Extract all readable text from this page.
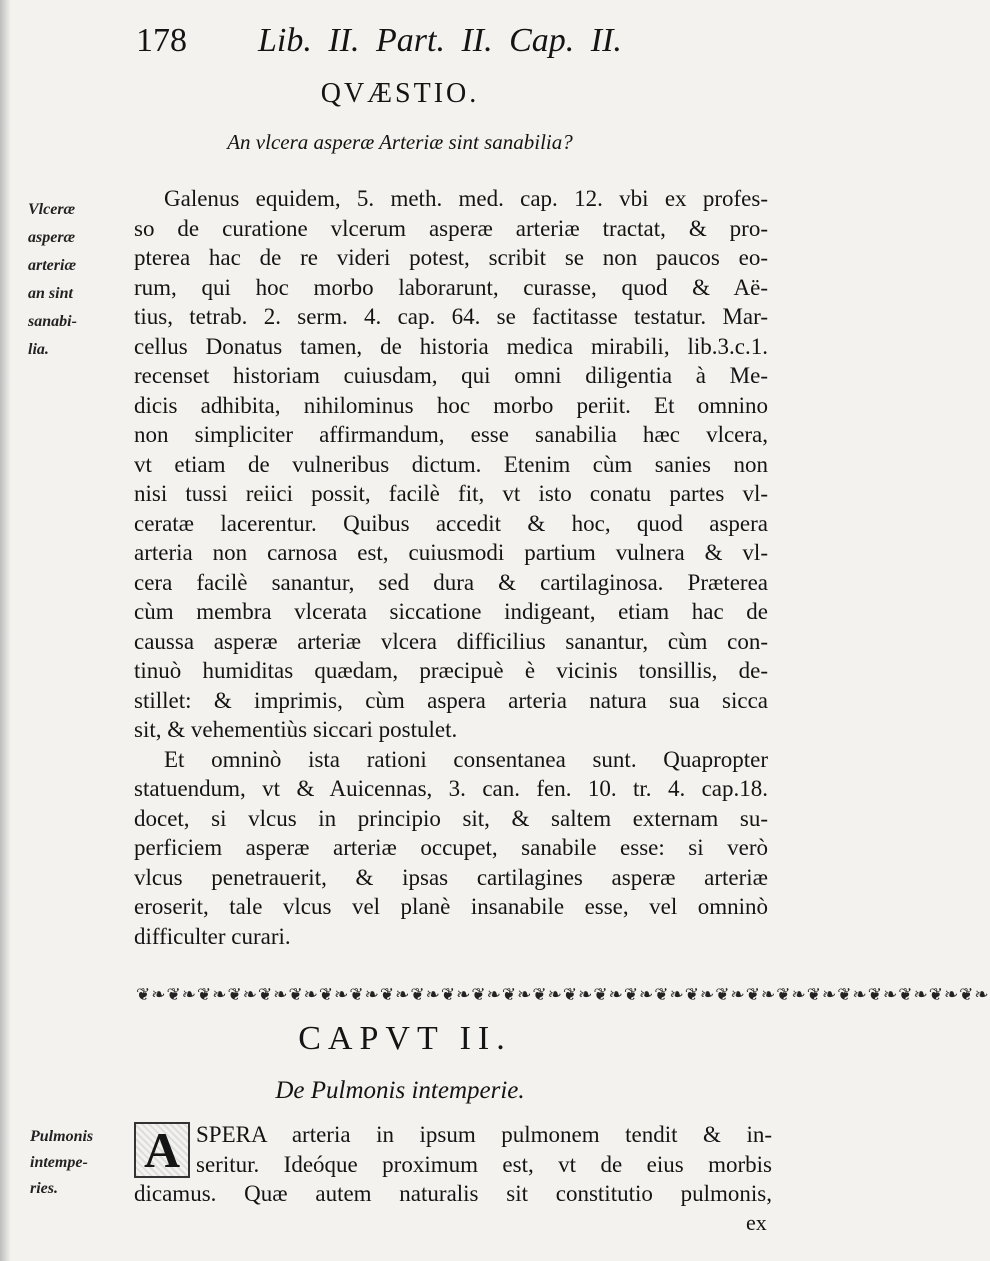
178 Lib. II. Part. II. Cap. II.
QVÆSTIO.
An vlcera asperæ Arteriæ sint sanabilia?
Vlceræ
asperæ
arteriæ
an sint
sanabi-
lia.
Galenus equidem, 5. meth. med. cap. 12. vbi ex profes-
so de curatione vlcerum asperæ arteriæ tractat, & pro-
pterea hac de re videri potest, scribit se non paucos eo-
rum, qui hoc morbo laborarunt, curasse, quod & Aë-
tius, tetrab. 2. serm. 4. cap. 64. se factitasse testatur. Mar-
cellus Donatus tamen, de historia medica mirabili, lib.3.c.1.
recenset historiam cuiusdam, qui omni diligentia à Me-
dicis adhibita, nihilominus hoc morbo periit. Et omnino
non simpliciter affirmandum, esse sanabilia hæc vlcera,
vt etiam de vulneribus dictum. Etenim cùm sanies non
nisi tussi reiici possit, facilè fit, vt isto conatu partes vl-
ceratæ lacerentur. Quibus accedit & hoc, quod aspera
arteria non carnosa est, cuiusmodi partium vulnera & vl-
cera facilè sanantur, sed dura & cartilaginosa. Præterea
cùm membra vlcerata siccatione indigeant, etiam hac de
caussa asperæ arteriæ vlcera difficilius sanantur, cùm con-
tinuò humiditas quædam, præcipuè è vicinis tonsillis, de-
stillet: & imprimis, cùm aspera arteria natura sua sicca
sit, & vehementiùs siccari postulet.
Et omninò ista rationi consentanea sunt. Quapropter
statuendum, vt & Auicennas, 3. can. fen. 10. tr. 4. cap.18.
docet, si vlcus in principio sit, & saltem externam su-
perficiem asperæ arteriæ occupet, sanabile esse: si verò
vlcus penetrauerit, & ipsas cartilagines asperæ arteriæ
eroserit, tale vlcus vel planè insanabile esse, vel omninò
difficulter curari.
❦❧❦❧❦❧❦❧❦❧❦❧❦❧❦❧❦❧❦❧❦❧❦❧❦❧❦❧❦❧❦❧❦❧❦❧❦❧❦❧❦❧❦❧❦❧❦❧❦❧❦❧❦❧❦❧
CAPVT II.
De Pulmonis intemperie.
Pulmonis
intempe-
ries.
A SPERA arteria in ipsum pulmonem tendit & in-
seritur. Ideóque proximum est, vt de eius morbis
dicamus. Quæ autem naturalis sit constitutio pulmonis,
ex
